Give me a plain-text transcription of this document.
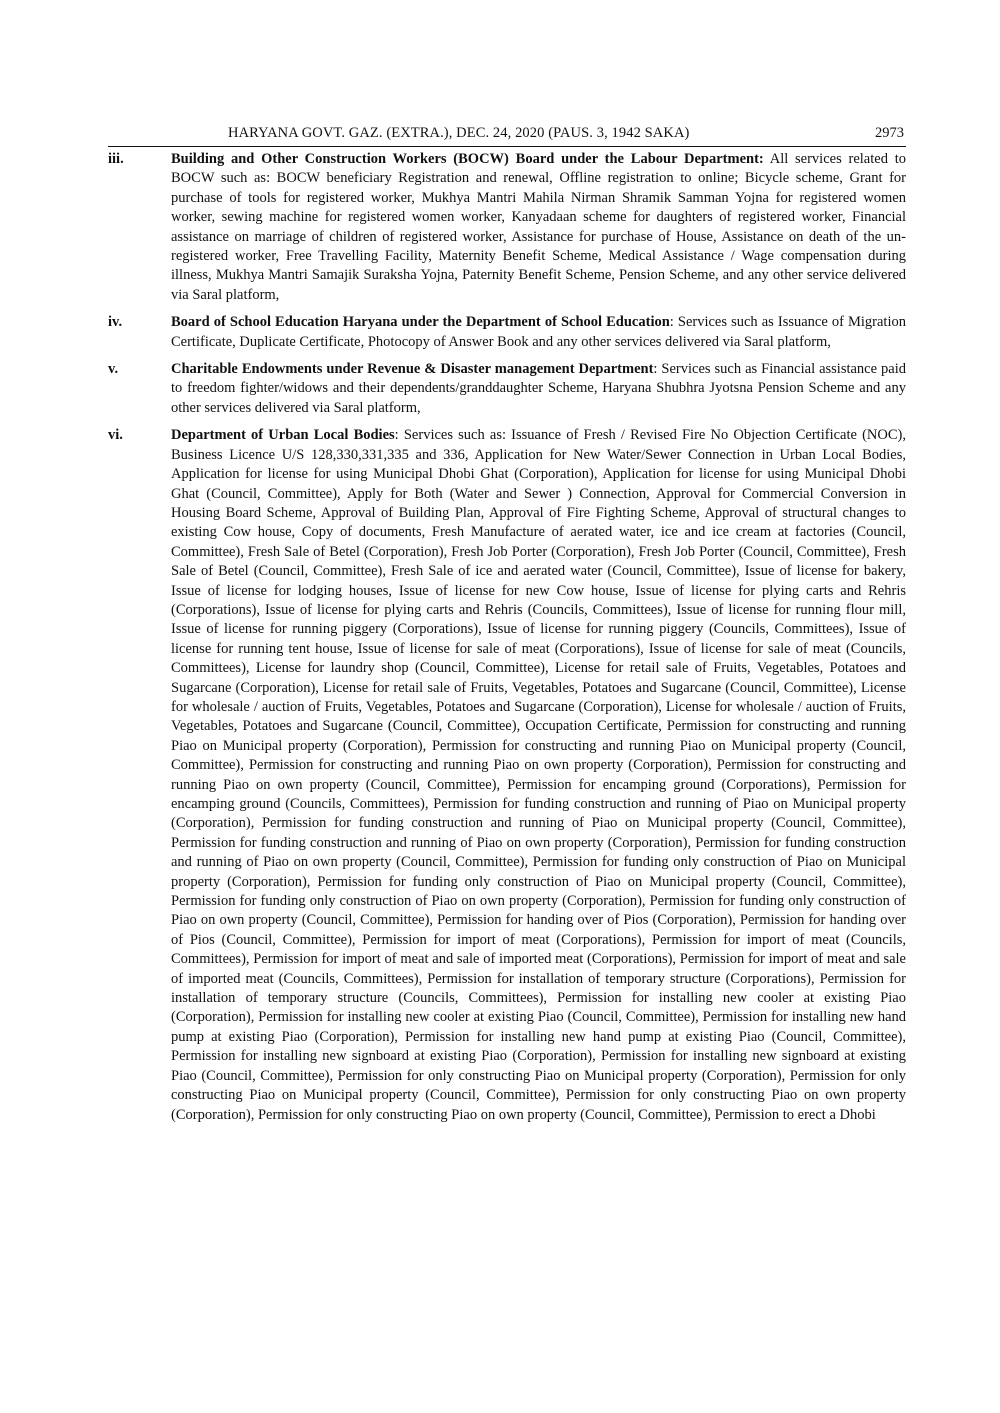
HARYANA GOVT. GAZ. (EXTRA.), DEC. 24, 2020 (PAUS. 3, 1942 SAKA)	2973
iii.	Building and Other Construction Workers (BOCW) Board under the Labour Department: All services related to BOCW such as: BOCW beneficiary Registration and renewal, Offline registration to online; Bicycle scheme, Grant for purchase of tools for registered worker, Mukhya Mantri Mahila Nirman Shramik Samman Yojna for registered women worker, sewing machine for registered women worker, Kanyadaan scheme for daughters of registered worker, Financial assistance on marriage of children of registered worker, Assistance for purchase of House, Assistance on death of the un-registered worker, Free Travelling Facility, Maternity Benefit Scheme, Medical Assistance / Wage compensation during illness, Mukhya Mantri Samajik Suraksha Yojna, Paternity Benefit Scheme, Pension Scheme, and any other service delivered via Saral platform,
iv.	Board of School Education Haryana under the Department of School Education: Services such as Issuance of Migration Certificate, Duplicate Certificate, Photocopy of Answer Book and any other services delivered via Saral platform,
v.	Charitable Endowments under Revenue & Disaster management Department: Services such as Financial assistance paid to freedom fighter/widows and their dependents/granddaughter Scheme, Haryana Shubhra Jyotsna Pension Scheme and any other services delivered via Saral platform,
vi.	Department of Urban Local Bodies: Services such as: Issuance of Fresh / Revised Fire No Objection Certificate (NOC), Business Licence U/S 128,330,331,335 and 336, Application for New Water/Sewer Connection in Urban Local Bodies, Application for license for using Municipal Dhobi Ghat (Corporation), Application for license for using Municipal Dhobi Ghat (Council, Committee), Apply for Both (Water and Sewer ) Connection, Approval for Commercial Conversion in Housing Board Scheme, Approval of Building Plan, Approval of Fire Fighting Scheme, Approval of structural changes to existing Cow house, Copy of documents, Fresh Manufacture of aerated water, ice and ice cream at factories (Council, Committee), Fresh Sale of Betel (Corporation), Fresh Job Porter (Corporation), Fresh Job Porter (Council, Committee), Fresh Sale of Betel (Council, Committee), Fresh Sale of ice and aerated water (Council, Committee), Issue of license for bakery, Issue of license for lodging houses, Issue of license for new Cow house, Issue of license for plying carts and Rehris (Corporations), Issue of license for plying carts and Rehris (Councils, Committees), Issue of license for running flour mill, Issue of license for running piggery (Corporations), Issue of license for running piggery (Councils, Committees), Issue of license for running tent house, Issue of license for sale of meat (Corporations), Issue of license for sale of meat (Councils, Committees), License for laundry shop (Council, Committee), License for retail sale of Fruits, Vegetables, Potatoes and Sugarcane (Corporation), License for retail sale of Fruits, Vegetables, Potatoes and Sugarcane (Council, Committee), License for wholesale / auction of Fruits, Vegetables, Potatoes and Sugarcane (Corporation), License for wholesale / auction of Fruits, Vegetables, Potatoes and Sugarcane (Council, Committee), Occupation Certificate, Permission for constructing and running Piao on Municipal property (Corporation), Permission for constructing and running Piao on Municipal property (Council, Committee), Permission for constructing and running Piao on own property (Corporation), Permission for constructing and running Piao on own property (Council, Committee), Permission for encamping ground (Corporations), Permission for encamping ground (Councils, Committees), Permission for funding construction and running of Piao on Municipal property (Corporation), Permission for funding construction and running of Piao on Municipal property (Council, Committee), Permission for funding construction and running of Piao on own property (Corporation), Permission for funding construction and running of Piao on own property (Council, Committee), Permission for funding only construction of Piao on Municipal property (Corporation), Permission for funding only construction of Piao on Municipal property (Council, Committee), Permission for funding only construction of Piao on own property (Corporation), Permission for funding only construction of Piao on own property (Council, Committee), Permission for handing over of Pios (Corporation), Permission for handing over of Pios (Council, Committee), Permission for import of meat (Corporations), Permission for import of meat (Councils, Committees), Permission for import of meat and sale of imported meat (Corporations), Permission for import of meat and sale of imported meat (Councils, Committees), Permission for installation of temporary structure (Corporations), Permission for installation of temporary structure (Councils, Committees), Permission for installing new cooler at existing Piao (Corporation), Permission for installing new cooler at existing Piao (Council, Committee), Permission for installing new hand pump at existing Piao (Corporation), Permission for installing new hand pump at existing Piao (Council, Committee), Permission for installing new signboard at existing Piao (Corporation), Permission for installing new signboard at existing Piao (Council, Committee), Permission for only constructing Piao on Municipal property (Corporation), Permission for only constructing Piao on Municipal property (Council, Committee), Permission for only constructing Piao on own property (Corporation), Permission for only constructing Piao on own property (Council, Committee), Permission to erect a Dhobi
